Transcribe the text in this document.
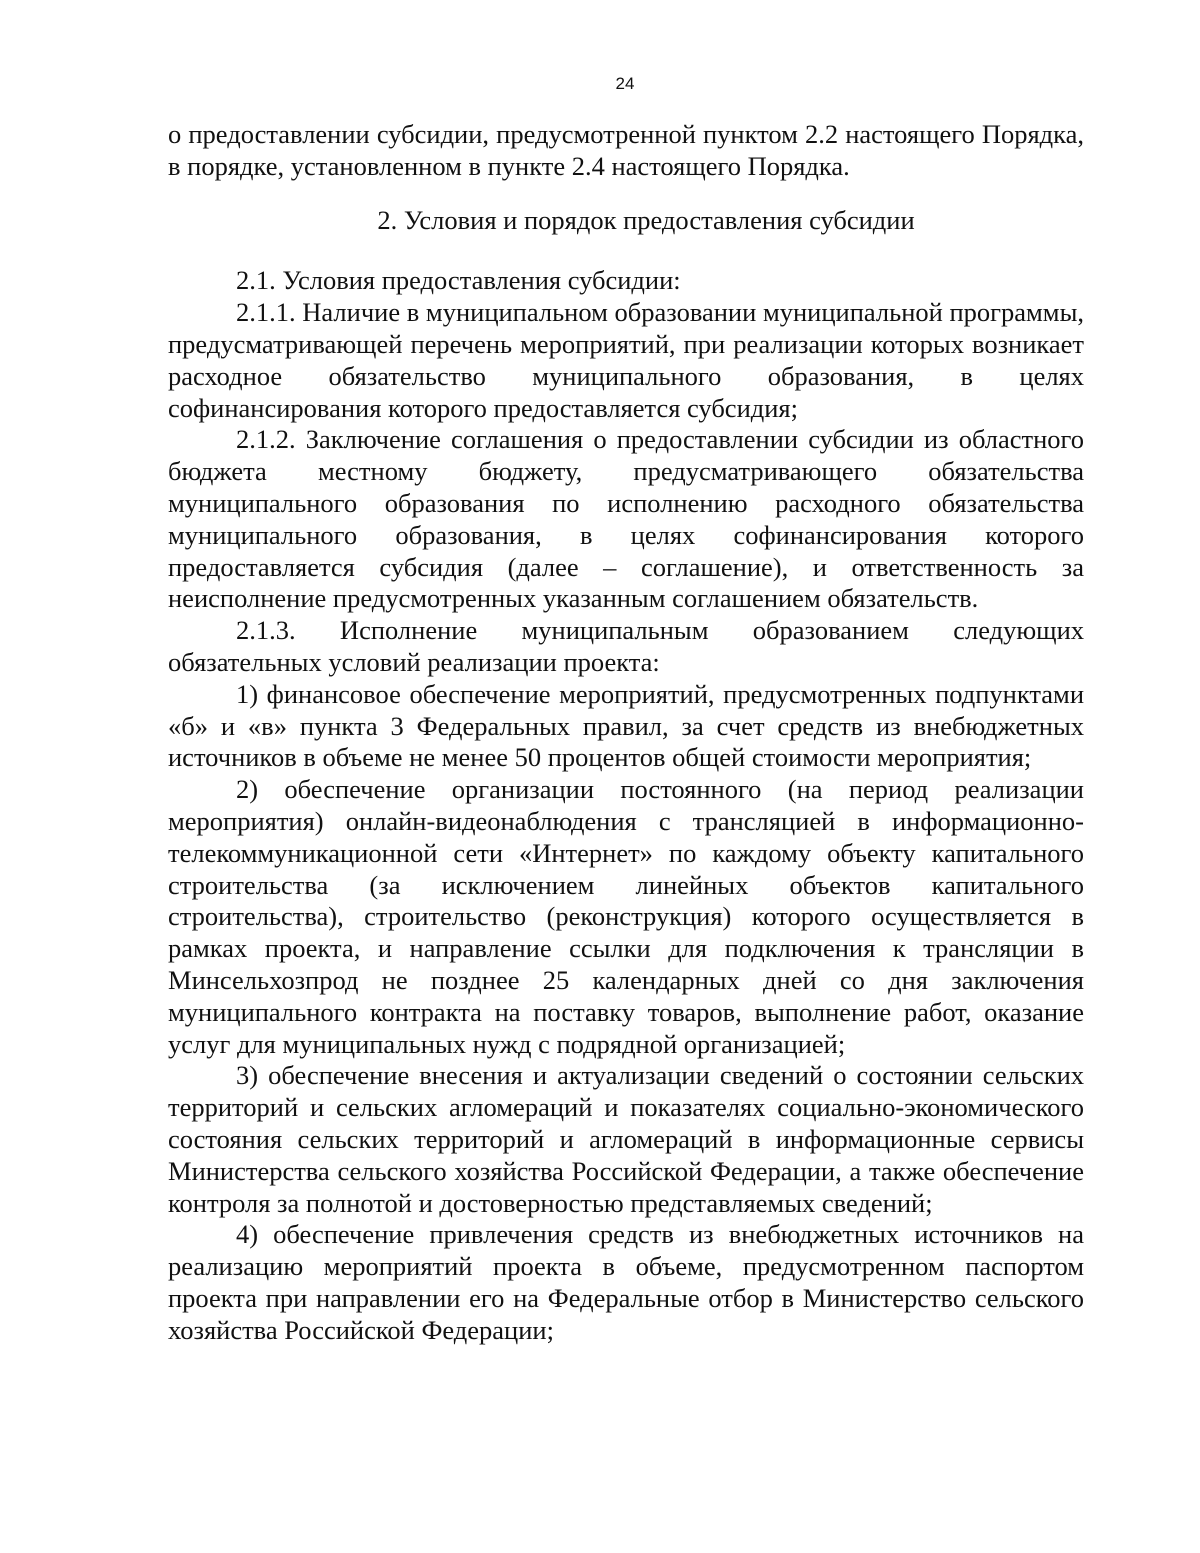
24

о предоставлении субсидии, предусмотренной пунктом 2.2 настоящего Порядка, в порядке, установленном в пункте 2.4 настоящего Порядка.

2. Условия и порядок предоставления субсидии

2.1. Условия предоставления субсидии:

2.1.1. Наличие в муниципальном образовании муниципальной программы, предусматривающей перечень мероприятий, при реализации которых возникает расходное обязательство муниципального образования, в целях софинансирования которого предоставляется субсидия;

2.1.2. Заключение соглашения о предоставлении субсидии из областного бюджета местному бюджету, предусматривающего обязательства муниципального образования по исполнению расходного обязательства муниципального образования, в целях софинансирования которого предоставляется субсидия (далее – соглашение), и ответственность за неисполнение предусмотренных указанным соглашением обязательств.

2.1.3. Исполнение муниципальным образованием следующих обязательных условий реализации проекта:

1) финансовое обеспечение мероприятий, предусмотренных подпунктами «б» и «в» пункта 3 Федеральных правил, за счет средств из внебюджетных источников в объеме не менее 50 процентов общей стоимости мероприятия;

2) обеспечение организации постоянного (на период реализации мероприятия) онлайн-видеонаблюдения с трансляцией в информационно-телекоммуникационной сети «Интернет» по каждому объекту капитального строительства (за исключением линейных объектов капитального строительства), строительство (реконструкция) которого осуществляется в рамках проекта, и направление ссылки для подключения к трансляции в Минсельхозпрод не позднее 25 календарных дней со дня заключения муниципального контракта на поставку товаров, выполнение работ, оказание услуг для муниципальных нужд с подрядной организацией;

3) обеспечение внесения и актуализации сведений о состоянии сельских территорий и сельских агломераций и показателях социально-экономического состояния сельских территорий и агломераций в информационные сервисы Министерства сельского хозяйства Российской Федерации, а также обеспечение контроля за полнотой и достоверностью представляемых сведений;

4) обеспечение привлечения средств из внебюджетных источников на реализацию мероприятий проекта в объеме, предусмотренном паспортом проекта при направлении его на Федеральные отбор в Министерство сельского хозяйства Российской Федерации;
